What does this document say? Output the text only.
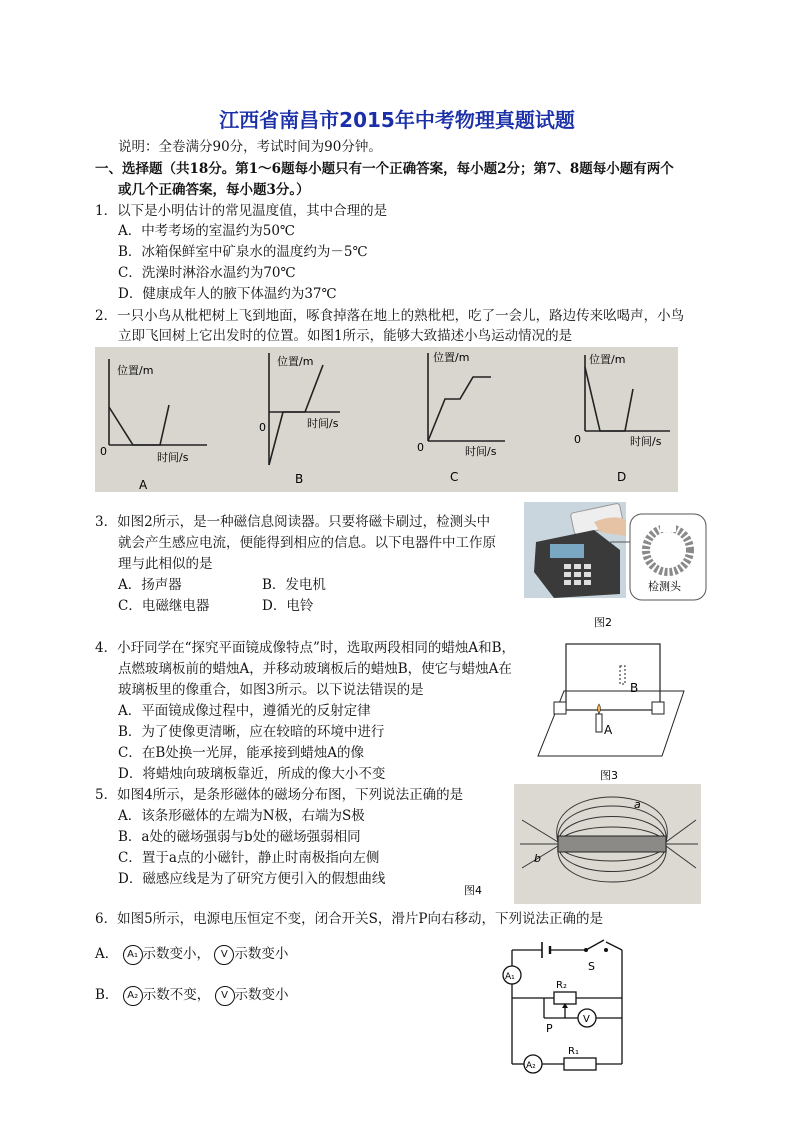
江西省南昌市2015年中考物理真题试题
说明：全卷满分90分，考试时间为90分钟。
一、选择题（共18分。第1～6题每小题只有一个正确答案，每小题2分；第7、8题每小题有两个
或几个正确答案，每小题3分。）
1．以下是小明估计的常见温度值，其中合理的是
A．中考考场的室温约为50℃
B．冰箱保鲜室中矿泉水的温度约为－5℃
C．洗澡时淋浴水温约为70℃
D．健康成年人的腋下体温约为37℃
2．一只小鸟从枇杷树上飞到地面，啄食掉落在地上的熟枇杷，吃了一会儿，路边传来吆喝声，小鸟
立即飞回树上它出发时的位置。如图1所示，能够大致描述小鸟运动情况的是
位置/m
时间/s
0
A
位置/m
时间/s
0
B
位置/m
时间/s
0
C
位置/m
时间/s
0
D
3．如图2所示，是一种磁信息阅读器。只要将磁卡刷过，检测头中
就会产生感应电流，便能得到相应的信息。以下电器件中工作原
理与此相似的是
A．扬声器	B．发电机
C．电磁继电器	D．电铃
检测头
图2
4．小玗同学在“探究平面镜成像特点”时，选取两段相同的蜡烛A和B，
点燃玻璃板前的蜡烛A，并移动玻璃板后的蜡烛B，使它与蜡烛A在
玻璃板里的像重合，如图3所示。以下说法错误的是
A．平面镜成像过程中，遵循光的反射定律
B．为了使像更清晰，应在较暗的环境中进行
C．在B处换一光屏，能承接到蜡烛A的像
D．将蜡烛向玻璃板靠近，所成的像大小不变
B
A
图3
5．如图4所示，是条形磁体的磁场分布图，下列说法正确的是
A．该条形磁体的左端为N极，右端为S极
B．a处的磁场强弱与b处的磁场强弱相同
C．置于a点的小磁针，静止时南极指向左侧
D．磁感应线是为了研究方便引入的假想曲线
a
b
图4
6．如图5所示，电源电压恒定不变，闭合开关S，滑片P向右移动，下列说法正确的是
A． A₁ 示数变小， V 示数变小
B． A₂ 示数不变， V 示数变小
S
A₁
R₂
P
V
A₂
R₁
